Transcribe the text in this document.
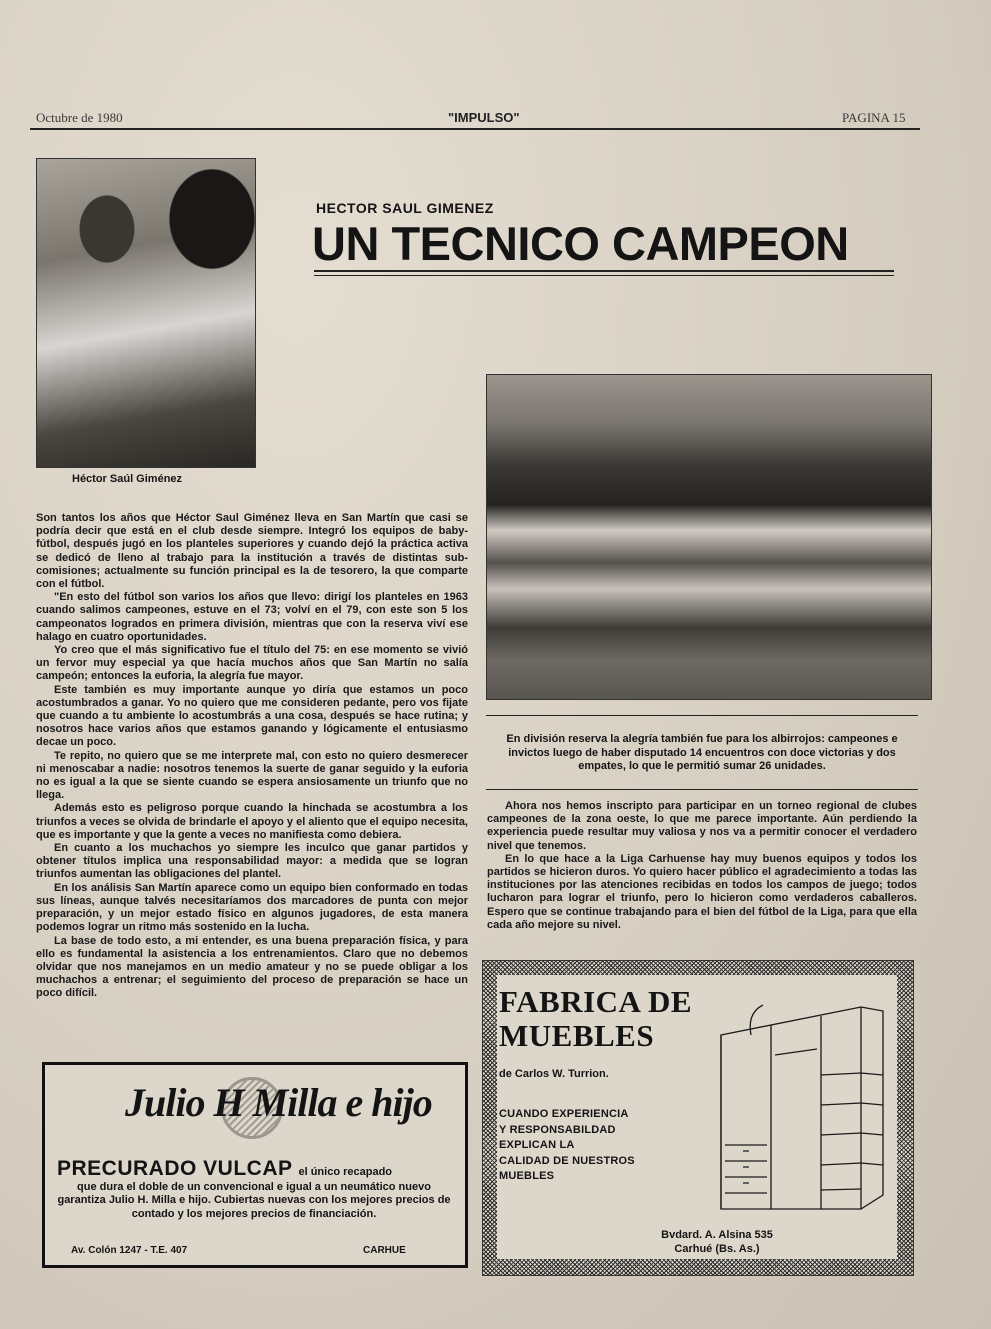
Octubre de 1980	"IMPULSO"	PAGINA 15
Héctor Saúl Giménez
HECTOR SAUL GIMENEZ
UN TECNICO CAMPEON
En división reserva la alegría también fue para los albirrojos: campeones e invictos luego de haber disputado 14 encuentros con doce victorias y dos empates, lo que le permitió sumar 26 unidades.

Son tantos los años que Héctor Saul Giménez lleva en San Martín que casi se podría decir que está en el club desde siempre. Integró los equipos de baby-fútbol, después jugó en los planteles superiores y cuando dejó la práctica activa se dedicó de lleno al trabajo para la institución a través de distintas sub-comisiones; actualmente su función principal es la de tesorero, la que comparte con el fútbol.

"En esto del fútbol son varios los años que llevo: dirigí los planteles en 1963 cuando salimos campeones, estuve en el 73; volví en el 79, con este son 5 los campeonatos logrados en primera división, mientras que con la reserva viví ese halago en cuatro oportunidades.

Yo creo que el más significativo fue el título del 75: en ese momento se vivió un fervor muy especial ya que hacía muchos años que San Martín no salía campeón; entonces la euforia, la alegría fue mayor.

Este también es muy importante aunque yo diría que estamos un poco acostumbrados a ganar. Yo no quiero que me consideren pedante, pero vos fijate que cuando a tu ambiente lo acostumbrás a una cosa, después se hace rutina; y nosotros hace varios años que estamos ganando y lógicamente el entusiasmo decae un poco.

Te repito, no quiero que se me interprete mal, con esto no quiero desmerecer ni menoscabar a nadie: nosotros tenemos la suerte de ganar seguido y la euforia no es igual a la que se siente cuando se espera ansiosamente un triunfo que no llega.

Además esto es peligroso porque cuando la hinchada se acostumbra a los triunfos a veces se olvida de brindarle el apoyo y el aliento que el equipo necesita, que es importante y que la gente a veces no manifiesta como debiera.

En cuanto a los muchachos yo siempre les inculco que ganar partidos y obtener títulos implica una responsabilidad mayor: a medida que se logran triunfos aumentan las obligaciones del plantel.

En los análisis San Martín aparece como un equipo bien conformado en todas sus líneas, aunque talvés necesitaríamos dos marcadores de punta con mejor preparación, y un mejor estado físico en algunos jugadores, de esta manera podemos lograr un ritmo más sostenido en la lucha.

La base de todo esto, a mi entender, es una buena preparación física, y para ello es fundamental la asistencia a los entrenamientos. Claro que no debemos olvidar que nos manejamos en un medio amateur y no se puede obligar a los muchachos a entrenar; el seguimiento del proceso de preparación se hace un poco difícil.

Ahora nos hemos inscripto para participar en un torneo regional de clubes campeones de la zona oeste, lo que me parece importante. Aún perdiendo la experiencia puede resultar muy valiosa y nos va a permitir conocer el verdadero nivel que tenemos.

En lo que hace a la Liga Carhuense hay muy buenos equipos y todos los partidos se hicieron duros. Yo quiero hacer público el agradecimiento a todas las instituciones por las atenciones recibidas en todos los campos de juego; todos lucharon para lograr el triunfo, pero lo hicieron como verdaderos caballeros. Espero que se continue trabajando para el bien del fútbol de la Liga, para que ella cada año mejore su nivel.

Julio H Milla e hijo
PRECURADO VULCAP el único recapado
que dura el doble de un convencional e igual a un neumático nuevo garantiza Julio H. Milla e hijo. Cubiertas nuevas con los mejores precios de contado y los mejores precios de financiación.
Av. Colón 1247 - T.E. 407	CARHUE
FABRICA DE
MUEBLES
de Carlos W. Turrion.
CUANDO EXPERIENCIA
Y RESPONSABILDAD
EXPLICAN LA
CALIDAD DE NUESTROS
MUEBLES
Bvdard. A. Alsina 535
Carhué (Bs. As.)
